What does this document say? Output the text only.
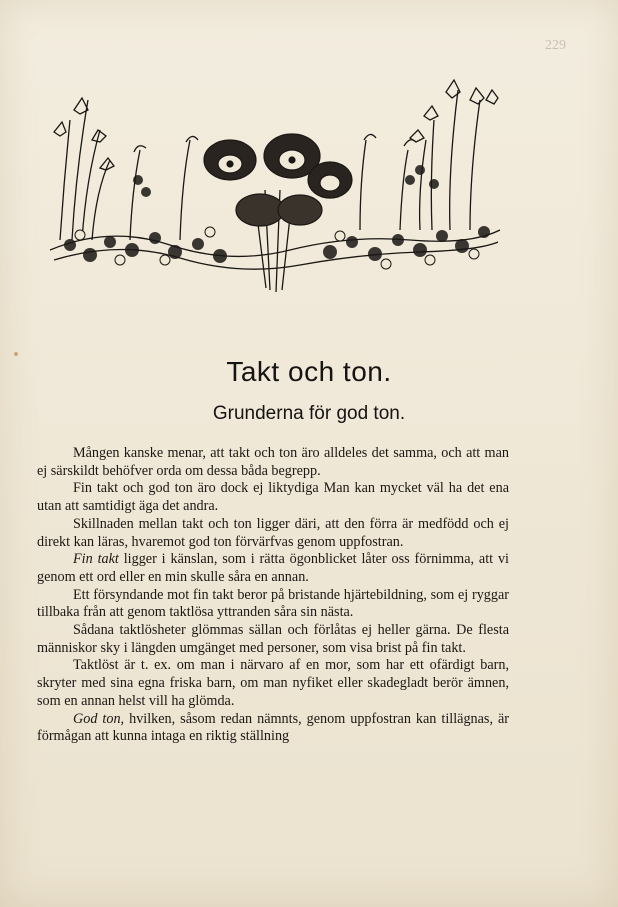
229
Takt och ton.
Grunderna för god ton.

Mången kanske menar, att takt och ton äro alldeles det samma, och att man ej särskildt behöfver orda om dessa båda begrepp.

Fin takt och god ton äro dock ej liktydiga Man kan mycket väl ha det ena utan att samtidigt äga det andra.

Skillnaden mellan takt och ton ligger däri, att den förra är medfödd och ej direkt kan läras, hvaremot god ton förvärfvas genom uppfostran.

Fin takt ligger i känslan, som i rätta ögonblicket låter oss förnimma, att vi genom ett ord eller en min skulle såra en annan.

Ett försyndande mot fin takt beror på bristande hjärtebildning, som ej ryggar tillbaka från att genom taktlösa yttranden såra sin nästa.

Sådana taktlösheter glömmas sällan och förlåtas ej heller gärna. De flesta människor sky i längden umgänget med personer, som visa brist på fin takt.

Taktlöst är t. ex. om man i närvaro af en mor, som har ett ofärdigt barn, skryter med sina egna friska barn, om man nyfiket eller skadegladt berör ämnen, som en annan helst vill ha glömda.

God ton, hvilken, såsom redan nämnts, genom uppfostran kan tillägnas, är förmågan att kunna intaga en riktig ställning
